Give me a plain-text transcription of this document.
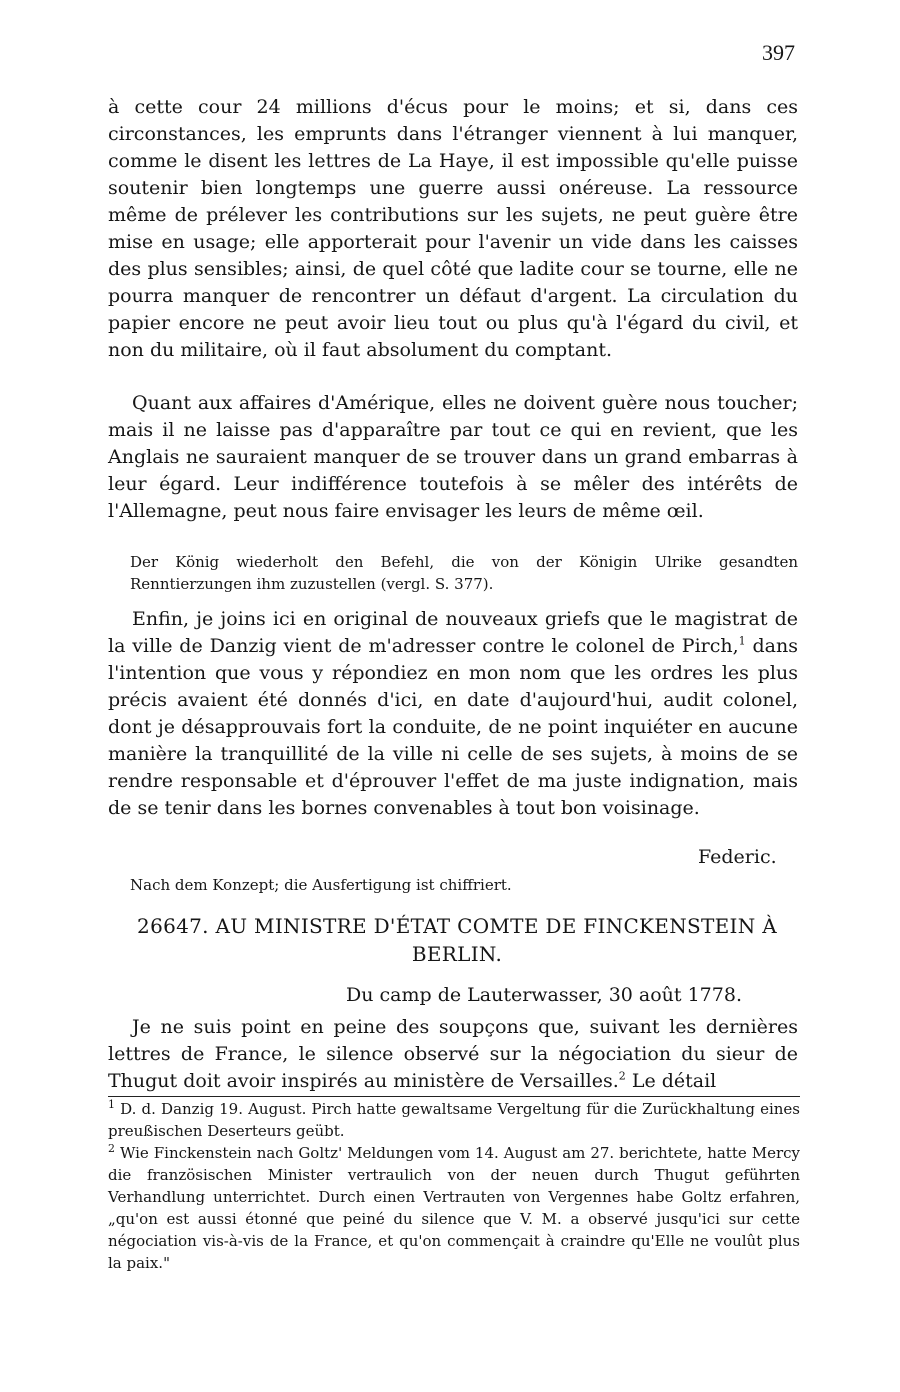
397
à cette cour 24 millions d'écus pour le moins; et si, dans ces circonstances, les emprunts dans l'étranger viennent à lui manquer, comme le disent les lettres de La Haye, il est impossible qu'elle puisse soutenir bien longtemps une guerre aussi onéreuse. La ressource même de prélever les contributions sur les sujets, ne peut guère être mise en usage; elle apporterait pour l'avenir un vide dans les caisses des plus sensibles; ainsi, de quel côté que ladite cour se tourne, elle ne pourra manquer de rencontrer un défaut d'argent. La circulation du papier encore ne peut avoir lieu tout ou plus qu'à l'égard du civil, et non du militaire, où il faut absolument du comptant.
Quant aux affaires d'Amérique, elles ne doivent guère nous toucher; mais il ne laisse pas d'apparaître par tout ce qui en revient, que les Anglais ne sauraient manquer de se trouver dans un grand embarras à leur égard. Leur indifférence toutefois à se mêler des intérêts de l'Allemagne, peut nous faire envisager les leurs de même œil.
Der König wiederholt den Befehl, die von der Königin Ulrike gesandten Renntierzungen ihm zuzustellen (vergl. S. 377).
Enfin, je joins ici en original de nouveaux griefs que le magistrat de la ville de Danzig vient de m'adresser contre le colonel de Pirch,$^1$ dans l'intention que vous y répondiez en mon nom que les ordres les plus précis avaient été donnés d'ici, en date d'aujourd'hui, audit colonel, dont je désapprouvais fort la conduite, de ne point inquiéter en aucune manière la tranquillité de la ville ni celle de ses sujets, à moins de se rendre responsable et d'éprouver l'effet de ma juste indignation, mais de se tenir dans les bornes convenables à tout bon voisinage.
Federic.
Nach dem Konzept; die Ausfertigung ist chiffriert.
26647. AU MINISTRE D'ÉTAT COMTE DE FINCKENSTEIN À BERLIN.
Du camp de Lauterwasser, 30 août 1778.
Je ne suis point en peine des soupçons que, suivant les dernières lettres de France, le silence observé sur la négociation du sieur de Thugut doit avoir inspirés au ministère de Versailles.$^2$ Le détail

$^1$ D. d. Danzig 19. August. Pirch hatte gewaltsame Vergeltung für die Zurückhaltung eines preußischen Deserteurs geübt.

$^2$ Wie Finckenstein nach Goltz' Meldungen vom 14. August am 27. berichtete, hatte Mercy die französischen Minister vertraulich von der neuen durch Thugut geführten Verhandlung unterrichtet. Durch einen Vertrauten von Vergennes habe Goltz erfahren, „qu'on est aussi étonné que peiné du silence que V. M. a observé jusqu'ici sur cette négociation vis-à-vis de la France, et qu'on commençait à craindre qu'Elle ne voulût plus la paix."
